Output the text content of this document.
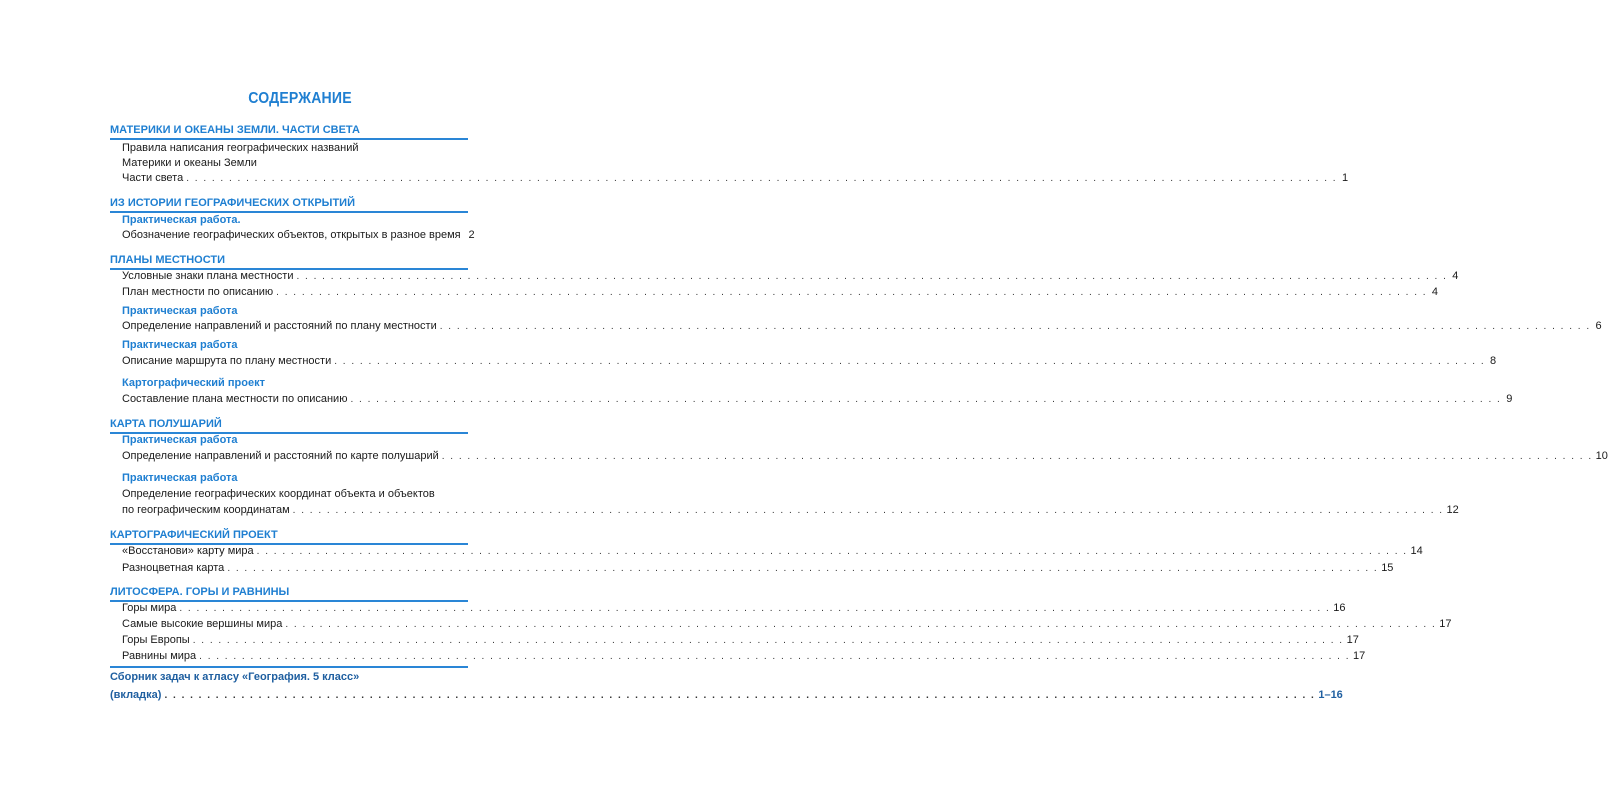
СОДЕРЖАНИЕ
МАТЕРИКИ И ОКЕАНЫ ЗЕМЛИ. ЧАСТИ СВЕТА
Правила написания географических названий
Материки и океаны Земли
Части света . . .	1
ИЗ ИСТОРИИ ГЕОГРАФИЧЕСКИХ ОТКРЫТИЙ
Практическая работа.
Обозначение географических объектов, открытых в разное время 2
ПЛАНЫ МЕСТНОСТИ
Условные знаки плана местности . . .	4
План местности по описанию . . .	4
Практическая работа
Определение направлений и расстояний по плану местности . . .	6
Практическая работа
Описание маршрута по плану местности . . .	8
Картографический проект
Составление плана местности по описанию . . .	9
КАРТА ПОЛУШАРИЙ
Практическая работа
Определение направлений и расстояний по карте полушарий . . .	10
Практическая работа
Определение географических координат объекта и объектов
по географическим координатам . . .	12
КАРТОГРАФИЧЕСКИЙ ПРОЕКТ
«Восстанови» карту мира . . .	14
Разноцветная карта . . .	15
ЛИТОСФЕРА. ГОРЫ И РАВНИНЫ
Горы мира . . .	16
Самые высокие вершины мира . . .	17
Горы Европы . . .	17
Равнины мира . . .	17
Сборник задач к атласу «География. 5 класс»
(вкладка) . . .	1–16
